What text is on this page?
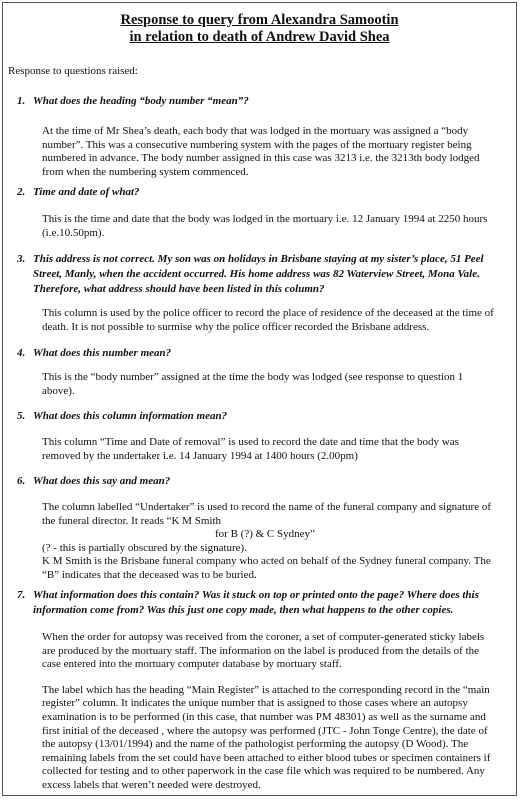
Response to query from Alexandra Samootin
in relation to death of Andrew David Shea
Response to questions raised:
1. What does the heading “body number “mean”?

At the time of Mr Shea’s death, each body that was lodged in the mortuary was assigned a “body number”. This was a consecutive numbering system with the pages of the mortuary register being numbered in advance. The body number assigned in this case was 3213 i.e. the 3213th body lodged from when the numbering system commenced.

2. Time and date of what?

This is the time and date that the body was lodged in the mortuary i.e. 12 January 1994 at 2250 hours (i.e.10.50pm).

3. This address is not correct. My son was on holidays in Brisbane staying at my sister’s place, 51 Peel Street, Manly, when the accident occurred. His home address was 82 Waterview Street, Mona Vale. Therefore, what address should have been listed in this column?

This column is used by the police officer to record the place of residence of the deceased at the time of death. It is not possible to surmise why the police officer recorded the Brisbane address.

4. What does this number mean?

This is the “body number” assigned at the time the body was lodged (see response to question 1 above).

5. What does this column information mean?

This column “Time and Date of removal” is used to record the date and time that the body was removed by the undertaker i.e. 14 January 1994 at 1400 hours (2.00pm)

6. What does this say and mean?

The column labelled “Undertaker” is used to record the name of the funeral company and signature of the funeral director. It reads “K M Smith

for B (?) & C Sydney”

(? - this is partially obscured by the signature).

K M Smith is the Brisbane funeral company who acted on behalf of the Sydney funeral company. The “B” indicates that the deceased was to be buried.

7. What information does this contain? Was it stuck on top or printed onto the page? Where does this information come from? Was this just one copy made, then what happens to the other copies.

When the order for autopsy was received from the coroner, a set of computer-generated sticky labels are produced by the mortuary staff. The information on the label is produced from the details of the case entered into the mortuary computer database by mortuary staff.

The label which has the heading “Main Register” is attached to the corresponding record in the “main register” column. It indicates the unique number that is assigned to those cases where an autopsy examination is to be performed (in this case, that number was PM 48301) as well as the surname and first initial of the deceased , where the autopsy was performed (JTC - John Tonge Centre), the date of the autopsy (13/01/1994) and the name of the pathologist performing the autopsy (D Wood). The remaining labels from the set could have been attached to either blood tubes or specimen containers if collected for testing and to other paperwork in the case file which was required to be numbered. Any excess labels that weren’t needed were destroyed.
